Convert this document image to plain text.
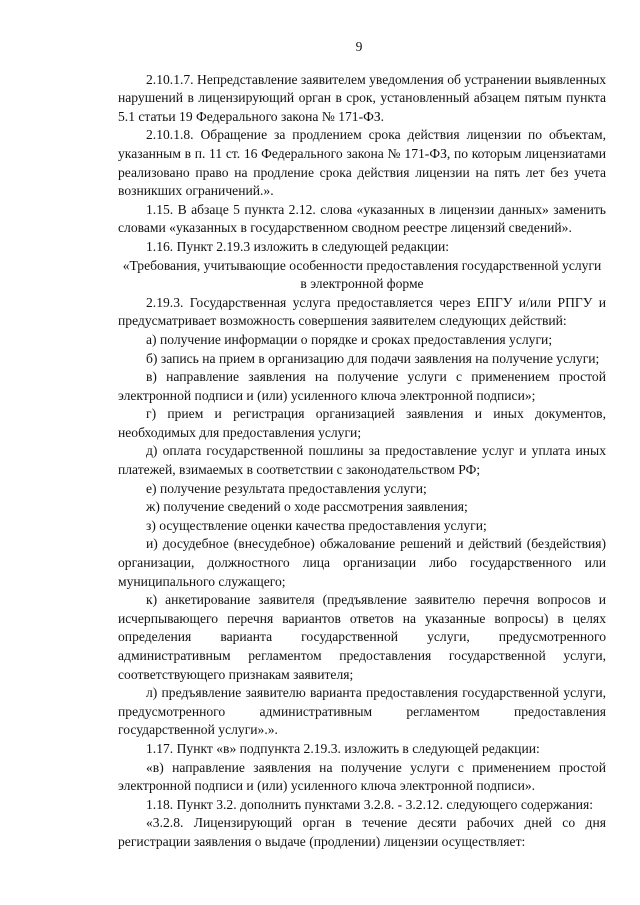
9

2.10.1.7. Непредставление заявителем уведомления об устранении выявленных нарушений в лицензирующий орган в срок, установленный абзацем пятым пункта 5.1 статьи 19 Федерального закона № 171-ФЗ.

2.10.1.8. Обращение за продлением срока действия лицензии по объектам, указанным в п. 11 ст. 16 Федерального закона № 171-ФЗ, по которым лицензиатами реализовано право на продление срока действия лицензии на пять лет без учета возникших ограничений.».

1.15. В абзаце 5 пункта 2.12. слова «указанных в лицензии данных» заменить словами «указанных в государственном сводном реестре лицензий сведений».

1.16. Пункт 2.19.3 изложить в следующей редакции:

«Требования, учитывающие особенности предоставления государственной услуги в электронной форме

2.19.3. Государственная услуга предоставляется через ЕПГУ и/или РПГУ и предусматривает возможность совершения заявителем следующих действий:

а) получение информации о порядке и сроках предоставления услуги;

б) запись на прием в организацию для подачи заявления на получение услуги;

в) направление заявления на получение услуги с применением простой электронной подписи и (или) усиленного ключа электронной подписи»;

г) прием и регистрация организацией заявления и иных документов, необходимых для предоставления услуги;

д) оплата государственной пошлины за предоставление услуг и уплата иных платежей, взимаемых в соответствии с законодательством РФ;

е) получение результата предоставления услуги;

ж) получение сведений о ходе рассмотрения заявления;

з) осуществление оценки качества предоставления услуги;

и) досудебное (внесудебное) обжалование решений и действий (бездействия) организации, должностного лица организации либо государственного или муниципального служащего;

к) анкетирование заявителя (предъявление заявителю перечня вопросов и исчерпывающего перечня вариантов ответов на указанные вопросы) в целях определения варианта государственной услуги, предусмотренного административным регламентом предоставления государственной услуги, соответствующего признакам заявителя;

л) предъявление заявителю варианта предоставления государственной услуги, предусмотренного административным регламентом предоставления государственной услуги».».

1.17. Пункт «в» подпункта 2.19.3. изложить в следующей редакции:

«в) направление заявления на получение услуги с применением простой электронной подписи и (или) усиленного ключа электронной подписи».

1.18. Пункт 3.2. дополнить пунктами 3.2.8. - 3.2.12. следующего содержания:

«3.2.8. Лицензирующий орган в течение десяти рабочих дней со дня регистрации заявления о выдаче (продлении) лицензии осуществляет:
